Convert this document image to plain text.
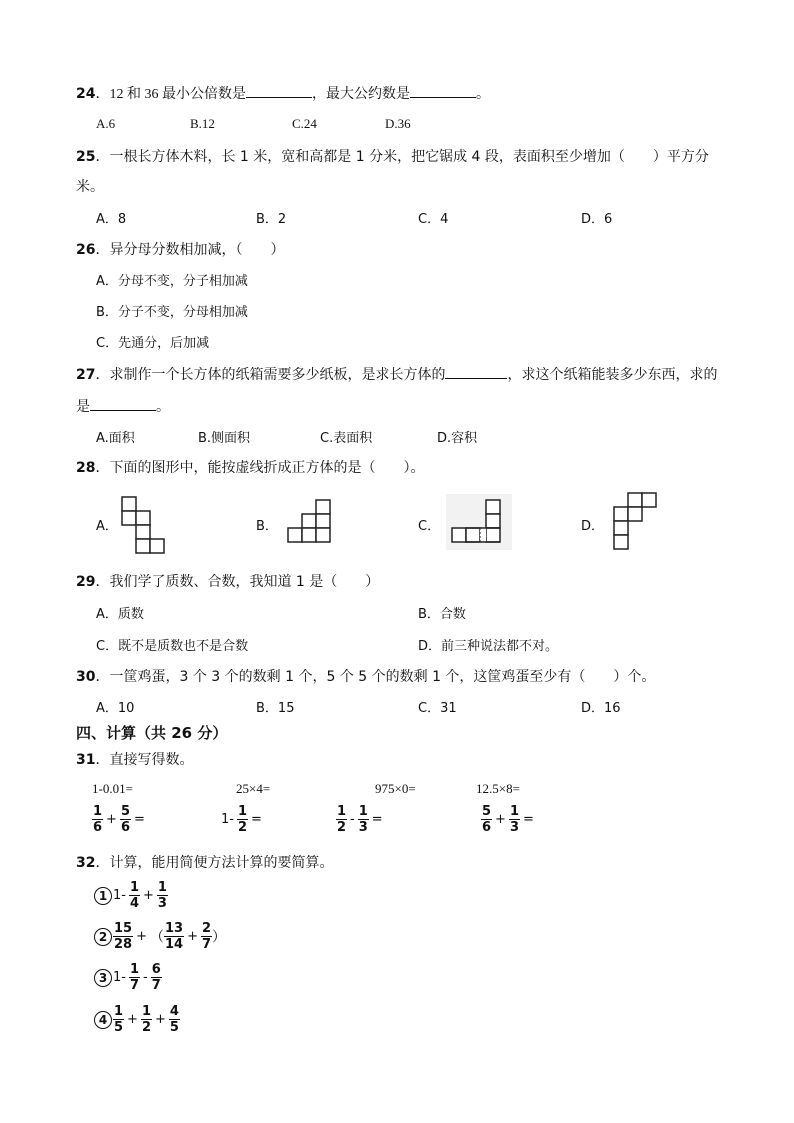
24．12 和 36 最小公倍数是	，最大公约数是	。
A.6	B.12	C.24	D.36
25．一根长方体木料，长 1 米，宽和高都是 1 分米，把它锯成 4 段，表面积至少增加（　　）平方分
米。
A．8	B．2	C．4	D．6
26．异分母分数相加减，（　　）
A．分母不变，分子相加减
B．分子不变，分母相加减
C．先通分，后加减
27．求制作一个长方体的纸箱需要多少纸板，是求长方体的	，求这个纸箱能装多少东西，求的
是	。
A.面积	B.侧面积	C.表面积	D.容积
28．下面的图形中，能按虚线折成正方体的是（　　）。
A．	B．	C．	D．
29．我们学了质数、合数，我知道 1 是（　　）
A．质数	B．合数
C．既不是质数也不是合数	D．前三种说法都不对。
30．一筐鸡蛋，3 个 3 个的数剩 1 个，5 个 5 个的数剩 1 个，这筐鸡蛋至少有（　　）个。
A．10	B．15	C．31	D．16
四、计算（共 26 分）
31．直接写得数。
1-0.01=	25×4=	975×0=	12.5×8=
$\frac{1}{6} + \frac{5}{6}$ =	$1- \frac{1}{2}$ =	$\frac{1}{2} - \frac{1}{3}$ =	$\frac{5}{6} + \frac{1}{3}$ =
32．计算，能用简便方法计算的要简算。
1 $1- \frac{1}{4} + \frac{1}{3}$
$2 \frac{15}{28}$ + （ $\frac{13}{14} + \frac{2}{7}$ ）
3 $1- \frac{1}{7} - \frac{6}{7}$
$4 \frac{1}{5} + \frac{1}{2} + \frac{4}{5}$
